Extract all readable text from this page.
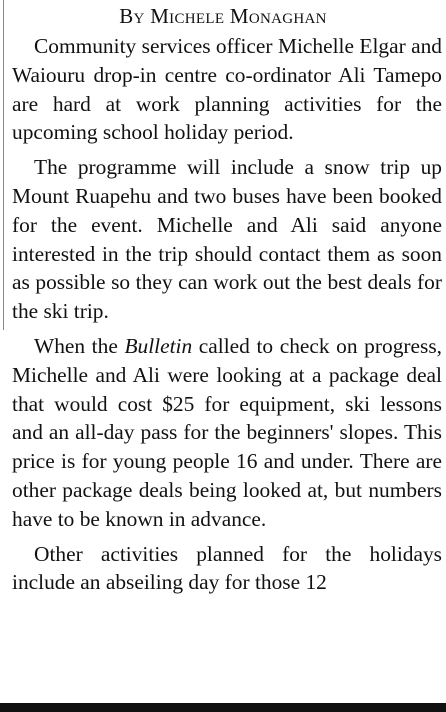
By Michele Monaghan

Community services officer Michelle Elgar and Waiouru drop-in centre co-ordinator Ali Tamepo are hard at work planning activities for the upcoming school holiday period.

The programme will include a snow trip up Mount Ruapehu and two buses have been booked for the event. Michelle and Ali said anyone interested in the trip should contact them as soon as possible so they can work out the best deals for the ski trip.

When the Bulletin called to check on progress, Michelle and Ali were looking at a package deal that would cost $25 for equipment, ski lessons and an all-day pass for the beginners' slopes. This price is for young people 16 and under. There are other package deals being looked at, but numbers have to be known in advance.

Other activities planned for the holidays include an abseiling day for those 12
